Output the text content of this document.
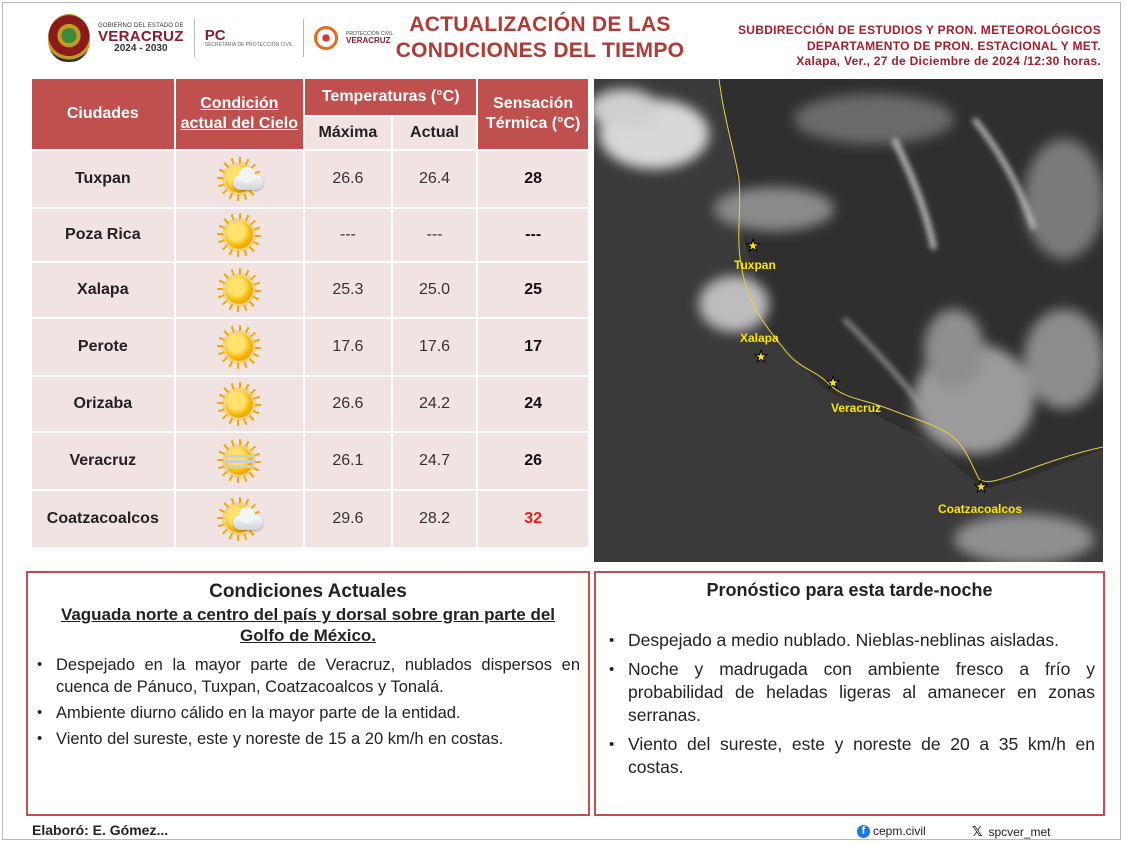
GOBIERNO DEL ESTADO DE
VERACRUZ
2024 - 2030
PC
SECRETARÍA DE PROTECCIÓN CIVIL
PROTECCIÓN CIVIL
VERACRUZ
ACTUALIZACIÓN DE LAS
CONDICIONES DEL TIEMPO
SUBDIRECCIÓN DE ESTUDIOS Y PRON. METEOROLÓGICOS
DEPARTAMENTO DE PRON. ESTACIONAL Y MET.
Xalapa, Ver., 27 de Diciembre de 2024 /12:30 horas.
Ciudades	Condición actual del Cielo	Temperaturas (°C)		Sensación Térmica (°C)
		Máxima	Actual	
Tuxpan		26.6	26.4	28
Poza Rica		---	---	---
Xalapa		25.3	25.0	25
Perote		17.6	17.6	17
Orizaba		26.6	24.2	24
Veracruz		26.1	24.7	26
Coatzacoalcos		29.6	28.2	32
★
Tuxpan
★
Xalapa
★
Veracruz
★
Coatzacoalcos
Condiciones Actuales
Vaguada norte a centro del país y dorsal sobre gran parte del Golfo de México.
• Despejado en la mayor parte de Veracruz, nublados dispersos en cuenca de Pánuco, Tuxpan, Coatzacoalcos y Tonalá.
• Ambiente diurno cálido en la mayor parte de la entidad.
• Viento del sureste, este y noreste de 15 a 20 km/h en costas.
Pronóstico para esta tarde-noche
• Despejado a medio nublado. Nieblas-neblinas aisladas.
• Noche y madrugada con ambiente fresco a frío y probabilidad de heladas ligeras al amanecer en zonas serranas.
• Viento del sureste, este y noreste de 20 a 35 km/h en costas.
Elaboró: E. Gómez...	f cepm.civil	𝕏 spcver_met
